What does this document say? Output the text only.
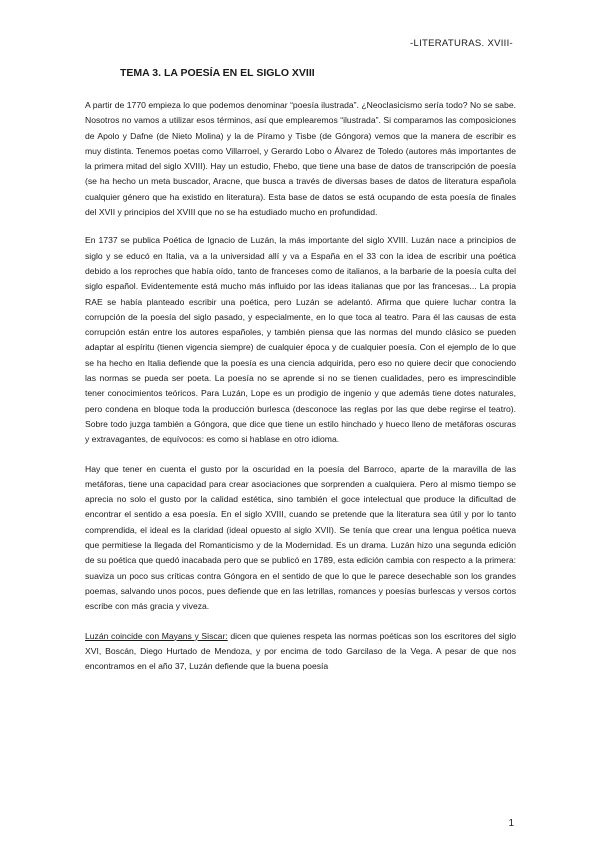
-LITERATURAS. XVIII-
TEMA 3. LA POESÍA EN EL SIGLO XVIII

A partir de 1770 empieza lo que podemos denominar “poesía ilustrada”. ¿Neoclasicismo sería todo? No se sabe. Nosotros no vamos a utilizar esos términos, así que emplearemos “ilustrada”. Si comparamos las composiciones de Apolo y Dafne (de Nieto Molina) y la de Píramo y Tisbe (de Góngora) vemos que la manera de escribir es muy distinta. Tenemos poetas como Villarroel, y Gerardo Lobo o Álvarez de Toledo (autores más importantes de la primera mitad del siglo XVIII). Hay un estudio, Fhebo, que tiene una base de datos de transcripción de poesía (se ha hecho un meta buscador, Aracne, que busca a través de diversas bases de datos de literatura española cualquier género que ha existido en literatura). Esta base de datos se está ocupando de esta poesía de finales del XVII y principios del XVIII que no se ha estudiado mucho en profundidad.

En 1737 se publica Poética de Ignacio de Luzán, la más importante del siglo XVIII. Luzán nace a principios de siglo y se educó en Italia, va a la universidad allí y va a España en el 33 con la idea de escribir una poética debido a los reproches que había oído, tanto de franceses como de italianos, a la barbarie de la poesía culta del siglo español. Evidentemente está mucho más influido por las ideas italianas que por las francesas... La propia RAE se había planteado escribir una poética, pero Luzán se adelantó. Afirma que quiere luchar contra la corrupción de la poesía del siglo pasado, y especialmente, en lo que toca al teatro. Para él las causas de esta corrupción están entre los autores españoles, y también piensa que las normas del mundo clásico se pueden adaptar al espíritu (tienen vigencia siempre) de cualquier época y de cualquier poesía. Con el ejemplo de lo que se ha hecho en Italia defiende que la poesía es una ciencia adquirida, pero eso no quiere decir que conociendo las normas se pueda ser poeta. La poesía no se aprende si no se tienen cualidades, pero es imprescindible tener conocimientos teóricos. Para Luzán, Lope es un prodigio de ingenio y que además tiene dotes naturales, pero condena en bloque toda la producción burlesca (desconoce las reglas por las que debe regirse el teatro). Sobre todo juzga también a Góngora, que dice que tiene un estilo hinchado y hueco lleno de metáforas oscuras y extravagantes, de equívocos: es como si hablase en otro idioma.

Hay que tener en cuenta el gusto por la oscuridad en la poesía del Barroco, aparte de la maravilla de las metáforas, tiene una capacidad para crear asociaciones que sorprenden a cualquiera. Pero al mismo tiempo se aprecia no solo el gusto por la calidad estética, sino también el goce intelectual que produce la dificultad de encontrar el sentido a esa poesía. En el siglo XVIII, cuando se pretende que la literatura sea útil y por lo tanto comprendida, el ideal es la claridad (ideal opuesto al siglo XVII). Se tenía que crear una lengua poética nueva que permitiese la llegada del Romanticismo y de la Modernidad. Es un drama. Luzán hizo una segunda edición de su poética que quedó inacabada pero que se publicó en 1789, esta edición cambia con respecto a la primera: suaviza un poco sus críticas contra Góngora en el sentido de que lo que le parece desechable son los grandes poemas, salvando unos pocos, pues defiende que en las letrillas, romances y poesías burlescas y versos cortos escribe con más gracia y viveza.

Luzán coincide con Mayans y Siscar: dicen que quienes respeta las normas poéticas son los escritores del siglo XVI, Boscán, Diego Hurtado de Mendoza, y por encima de todo Garcilaso de la Vega. A pesar de que nos encontramos en el año 37, Luzán defiende que la buena poesía

1
